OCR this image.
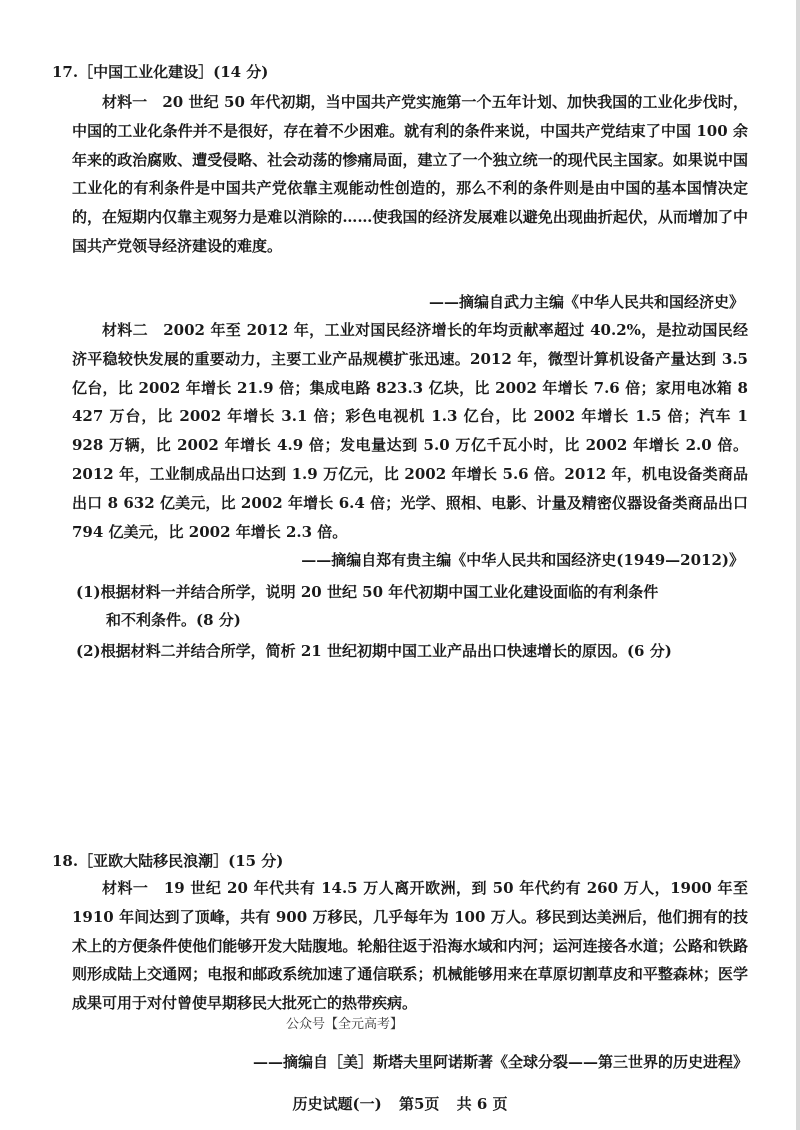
17.［中国工业化建设］(14 分)

材料一　 20 世纪 50 年代初期，当中国共产党实施第一个五年计划、加快我国的工业化步伐时，中国的工业化条件并不是很好，存在着不少困难。就有利的条件来说，中国共产党结束了中国 100 余年来的政治腐败、遭受侵略、社会动荡的惨痛局面，建立了一个独立统一的现代民主国家。如果说中国工业化的有利条件是中国共产党依靠主观能动性创造的，那么不利的条件则是由中国的基本国情决定的，在短期内仅靠主观努力是难以消除的……使我国的经济发展难以避免出现曲折起伏，从而增加了中国共产党领导经济建设的难度。

——摘编自武力主编《中华人民共和国经济史》

材料二　 2002 年至 2012 年，工业对国民经济增长的年均贡献率超过 40.2%，是拉动国民经济平稳较快发展的重要动力，主要工业产品规模扩张迅速。2012 年，微型计算机设备产量达到 3.5 亿台，比 2002 年增长 21.9 倍；集成电路 823.3 亿块，比 2002 年增长 7.6 倍；家用电冰箱 8 427 万台，比 2002 年增长 3.1 倍；彩色电视机 1.3 亿台，比 2002 年增长 1.5 倍；汽车 1 928 万辆，比 2002 年增长 4.9 倍；发电量达到 5.0 万亿千瓦小时，比 2002 年增长 2.0 倍。2012 年，工业制成品出口达到 1.9 万亿元，比 2002 年增长 5.6 倍。2012 年，机电设备类商品出口 8 632 亿美元，比 2002 年增长 6.4 倍；光学、照相、电影、计量及精密仪器设备类商品出口 794 亿美元，比 2002 年增长 2.3 倍。

——摘编自郑有贵主编《中华人民共和国经济史(1949—2012)》
(1)根据材料一并结合所学，说明 20 世纪 50 年代初期中国工业化建设面临的有利条件
和不利条件。(8 分)
(2)根据材料二并结合所学，简析 21 世纪初期中国工业产品出口快速增长的原因。(6 分)
18.［亚欧大陆移民浪潮］(15 分)

材料一　 19 世纪 20 年代共有 14.5 万人离开欧洲，到 50 年代约有 260 万人，1900 年至 1910 年间达到了顶峰，共有 900 万移民，几乎每年为 100 万人。移民到达美洲后，他们拥有的技术上的方便条件使他们能够开发大陆腹地。轮船往返于沿海水域和内河；运河连接各水道；公路和铁路则形成陆上交通网；电报和邮政系统加速了通信联系；机械能够用来在草原切割草皮和平整森林；医学成果可用于对付曾使早期移民大批死亡的热带疾病。

公众号【全元高考】
——摘编自［美］斯塔夫里阿诺斯著《全球分裂——第三世界的历史进程》
历史试题(一) 第5页 共 6 页
